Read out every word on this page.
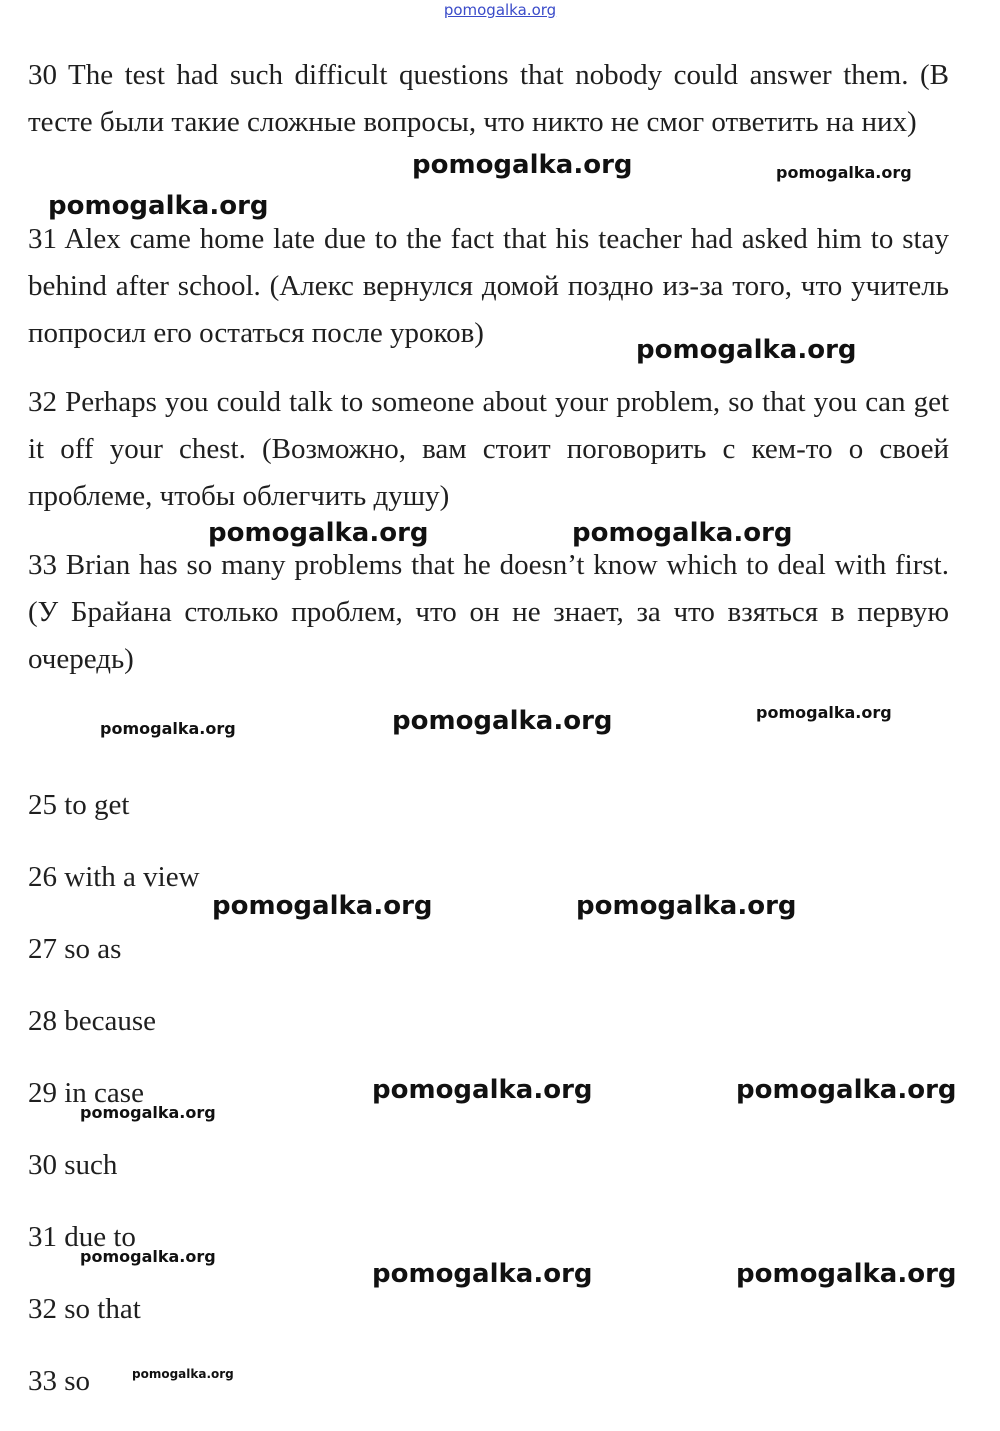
pomogalka.org

30 The test had such difficult questions that nobody could answer them. (В тесте были такие сложные вопросы, что никто не смог ответить на них)

31 Alex came home late due to the fact that his teacher had asked him to stay behind after school. (Алекс вернулся домой поздно из-за того, что учитель попросил его остаться после уроков)

32 Perhaps you could talk to someone about your problem, so that you can get it off your chest. (Возможно, вам стоит поговорить с кем-то о своей проблеме, чтобы облегчить душу)

33 Brian has so many problems that he doesn’t know which to deal with first. (У Брайана столько проблем, что он не знает, за что взяться в первую очередь)

25 to get
26 with a view
27 so as
28 because
29 in case
30 such
31 due to
32 so that
33 so
pomogalka.org	pomogalka.org
pomogalka.org
pomogalka.org
pomogalka.org	pomogalka.org
pomogalka.org	pomogalka.org	pomogalka.org
pomogalka.org	pomogalka.org
pomogalka.org	pomogalka.org
pomogalka.org
pomogalka.org
pomogalka.org	pomogalka.org
pomogalka.org
